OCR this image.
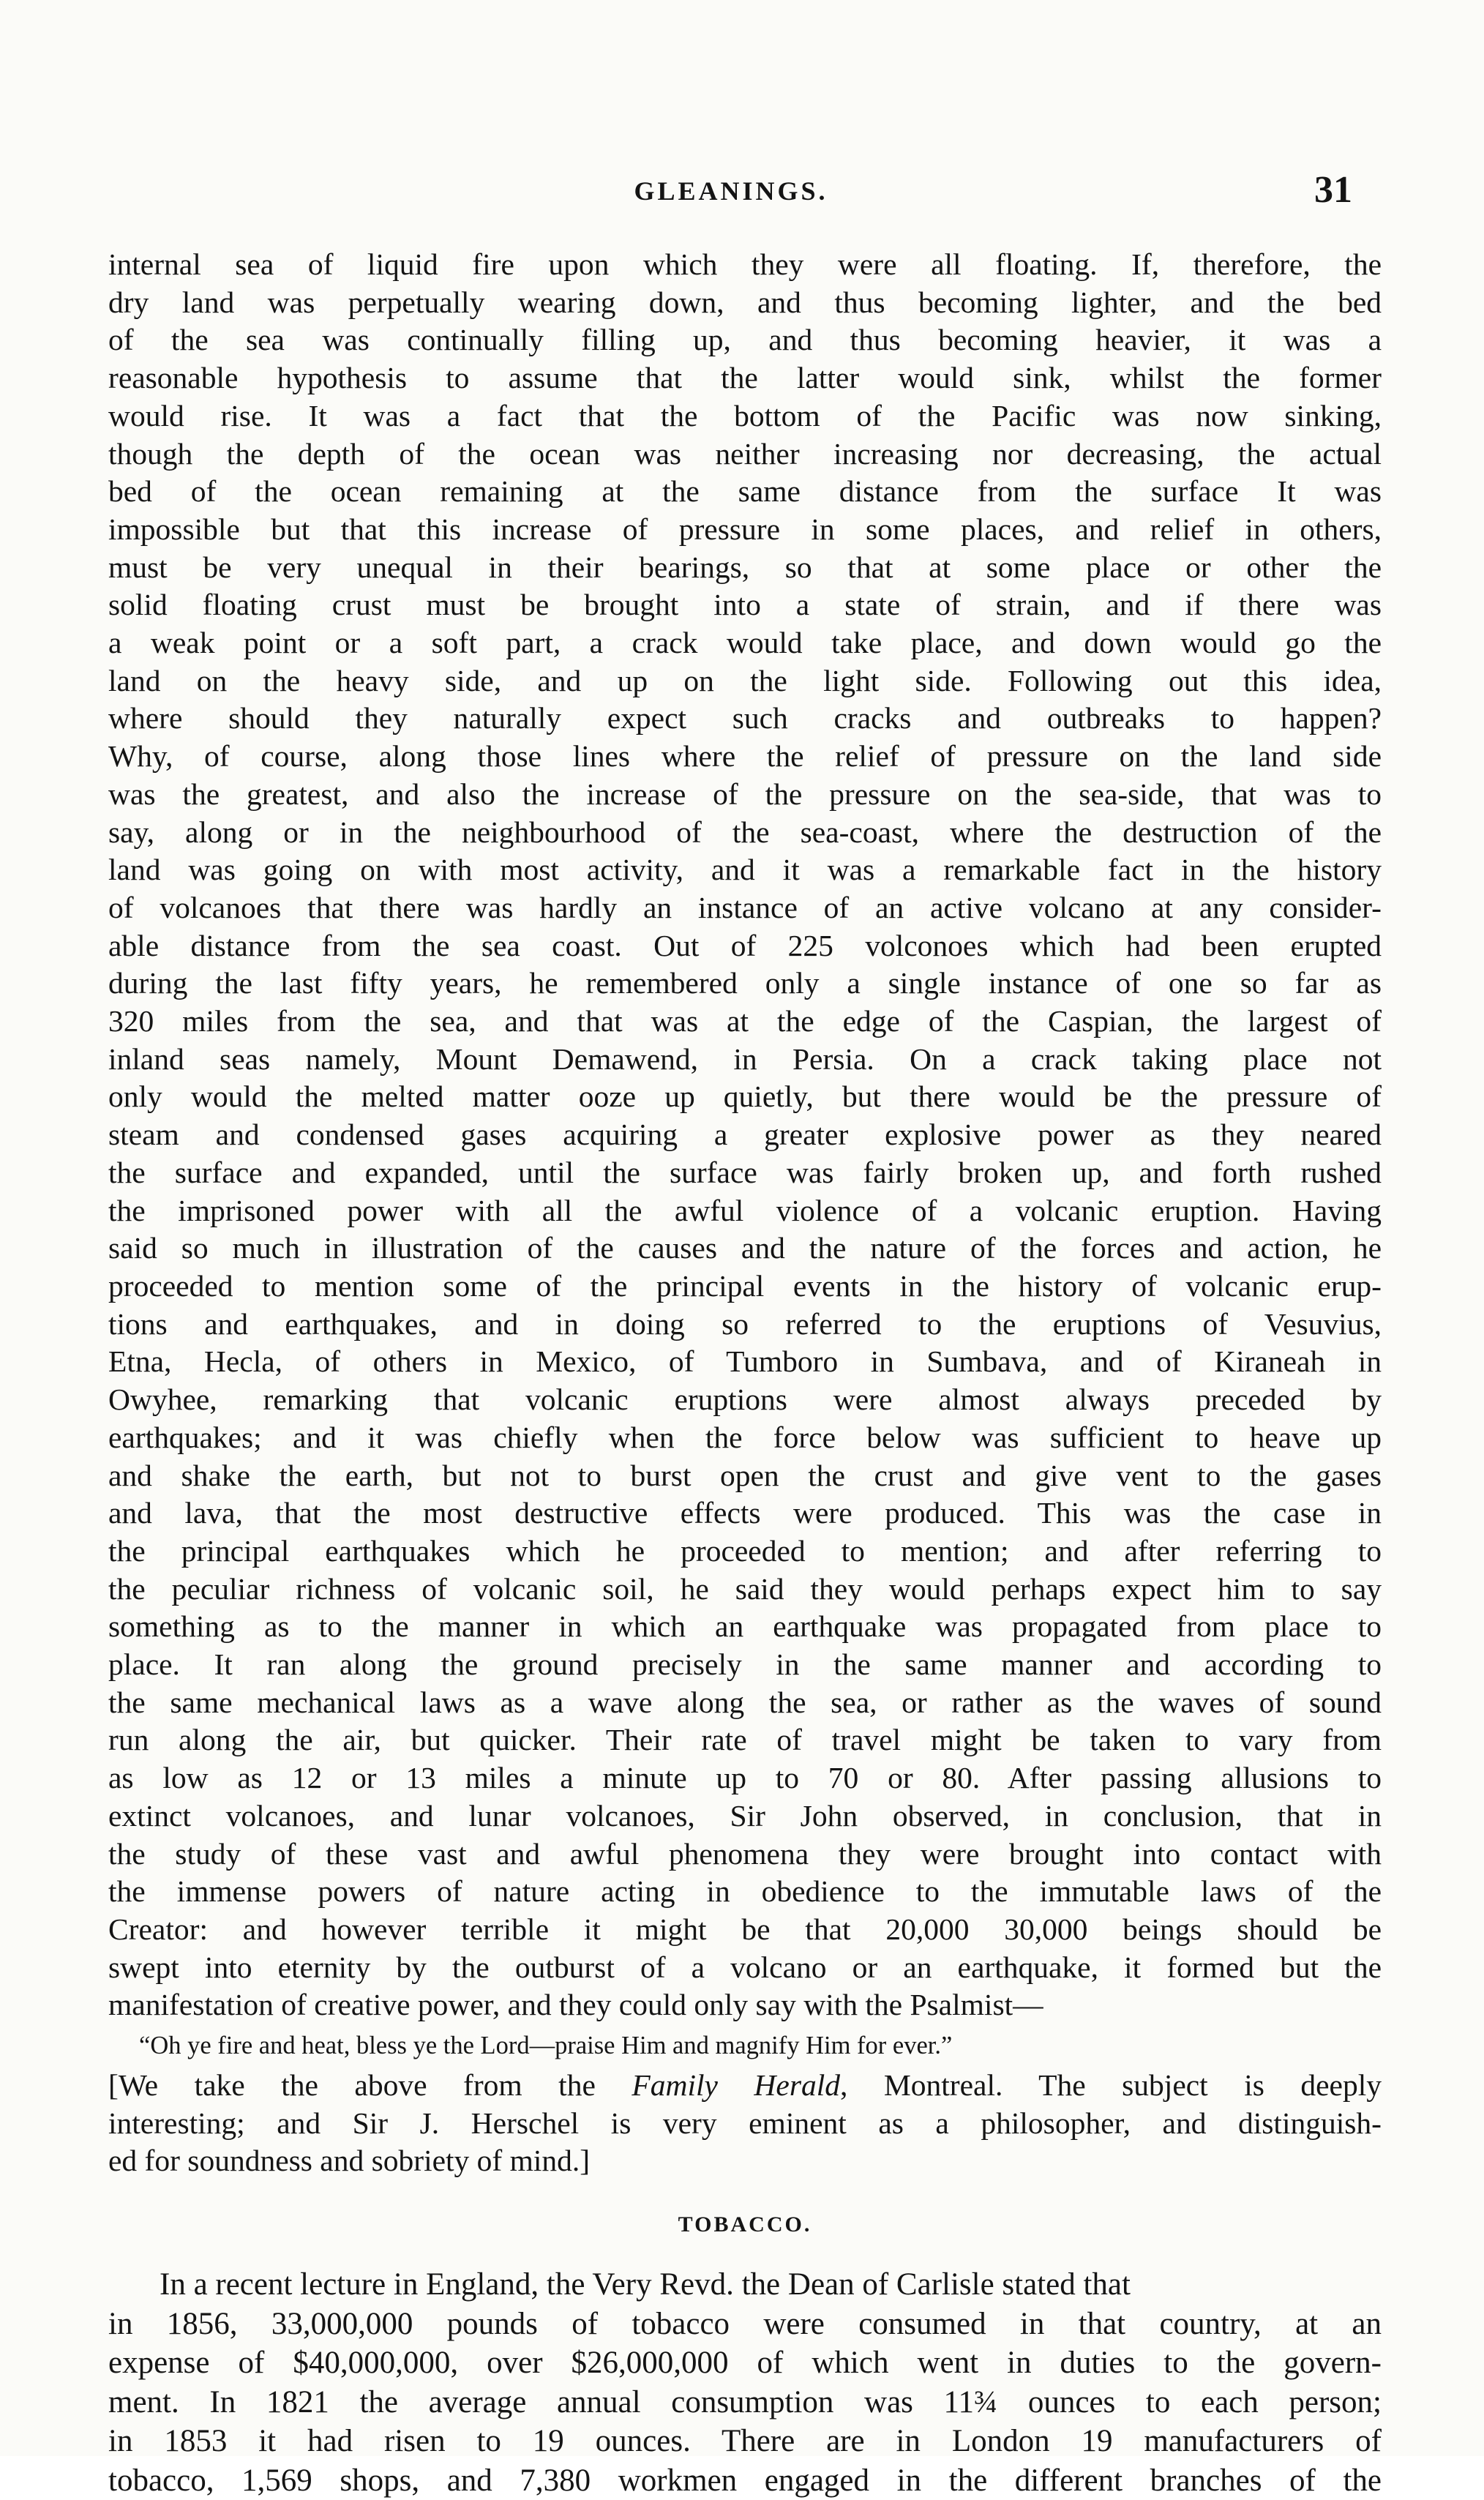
GLEANINGS.	31
internal sea of liquid fire upon which they were all floating. If, therefore, the
dry land was perpetually wearing down, and thus becoming lighter, and the bed
of the sea was continually filling up, and thus becoming heavier, it was a
reasonable hypothesis to assume that the latter would sink, whilst the former
would rise. It was a fact that the bottom of the Pacific was now sinking,
though the depth of the ocean was neither increasing nor decreasing, the actual
bed of the ocean remaining at the same distance from the surface It was
impossible but that this increase of pressure in some places, and relief in others,
must be very unequal in their bearings, so that at some place or other the
solid floating crust must be brought into a state of strain, and if there was
a weak point or a soft part, a crack would take place, and down would go the
land on the heavy side, and up on the light side. Following out this idea,
where should they naturally expect such cracks and outbreaks to happen?
Why, of course, along those lines where the relief of pressure on the land side
was the greatest, and also the increase of the pressure on the sea-side, that was to
say, along or in the neighbourhood of the sea-coast, where the destruction of the
land was going on with most activity, and it was a remarkable fact in the history
of volcanoes that there was hardly an instance of an active volcano at any consider-
able distance from the sea coast. Out of 225 volconoes which had been erupted
during the last fifty years, he remembered only a single instance of one so far as
320 miles from the sea, and that was at the edge of the Caspian, the largest of
inland seas namely, Mount Demawend, in Persia. On a crack taking place not
only would the melted matter ooze up quietly, but there would be the pressure of
steam and condensed gases acquiring a greater explosive power as they neared
the surface and expanded, until the surface was fairly broken up, and forth rushed
the imprisoned power with all the awful violence of a volcanic eruption. Having
said so much in illustration of the causes and the nature of the forces and action, he
proceeded to mention some of the principal events in the history of volcanic erup-
tions and earthquakes, and in doing so referred to the eruptions of Vesuvius,
Etna, Hecla, of others in Mexico, of Tumboro in Sumbava, and of Kiraneah in
Owyhee, remarking that volcanic eruptions were almost always preceded by
earthquakes; and it was chiefly when the force below was sufficient to heave up
and shake the earth, but not to burst open the crust and give vent to the gases
and lava, that the most destructive effects were produced. This was the case in
the principal earthquakes which he proceeded to mention; and after referring to
the peculiar richness of volcanic soil, he said they would perhaps expect him to say
something as to the manner in which an earthquake was propagated from place to
place. It ran along the ground precisely in the same manner and according to
the same mechanical laws as a wave along the sea, or rather as the waves of sound
run along the air, but quicker. Their rate of travel might be taken to vary from
as low as 12 or 13 miles a minute up to 70 or 80. After passing allusions to
extinct volcanoes, and lunar volcanoes, Sir John observed, in conclusion, that in
the study of these vast and awful phenomena they were brought into contact with
the immense powers of nature acting in obedience to the immutable laws of the
Creator: and however terrible it might be that 20,000 30,000 beings should be
swept into eternity by the outburst of a volcano or an earthquake, it formed but the
manifestation of creative power, and they could only say with the Psalmist—
“Oh ye fire and heat, bless ye the Lord—praise Him and magnify Him for ever.”
[We take the above from the Family Herald, Montreal. The subject is deeply
interesting; and Sir J. Herschel is very eminent as a philosopher, and distinguish-
ed for soundness and sobriety of mind.]
TOBACCO.
In a recent lecture in England, the Very Revd. the Dean of Carlisle stated that
in 1856, 33,000,000 pounds of tobacco were consumed in that country, at an
expense of $40,000,000, over $26,000,000 of which went in duties to the govern-
ment. In 1821 the average annual consumption was 11¾ ounces to each person;
in 1853 it had risen to 19 ounces. There are in London 19 manufacturers of
tobacco, 1,569 shops, and 7,380 workmen engaged in the different branches of the
